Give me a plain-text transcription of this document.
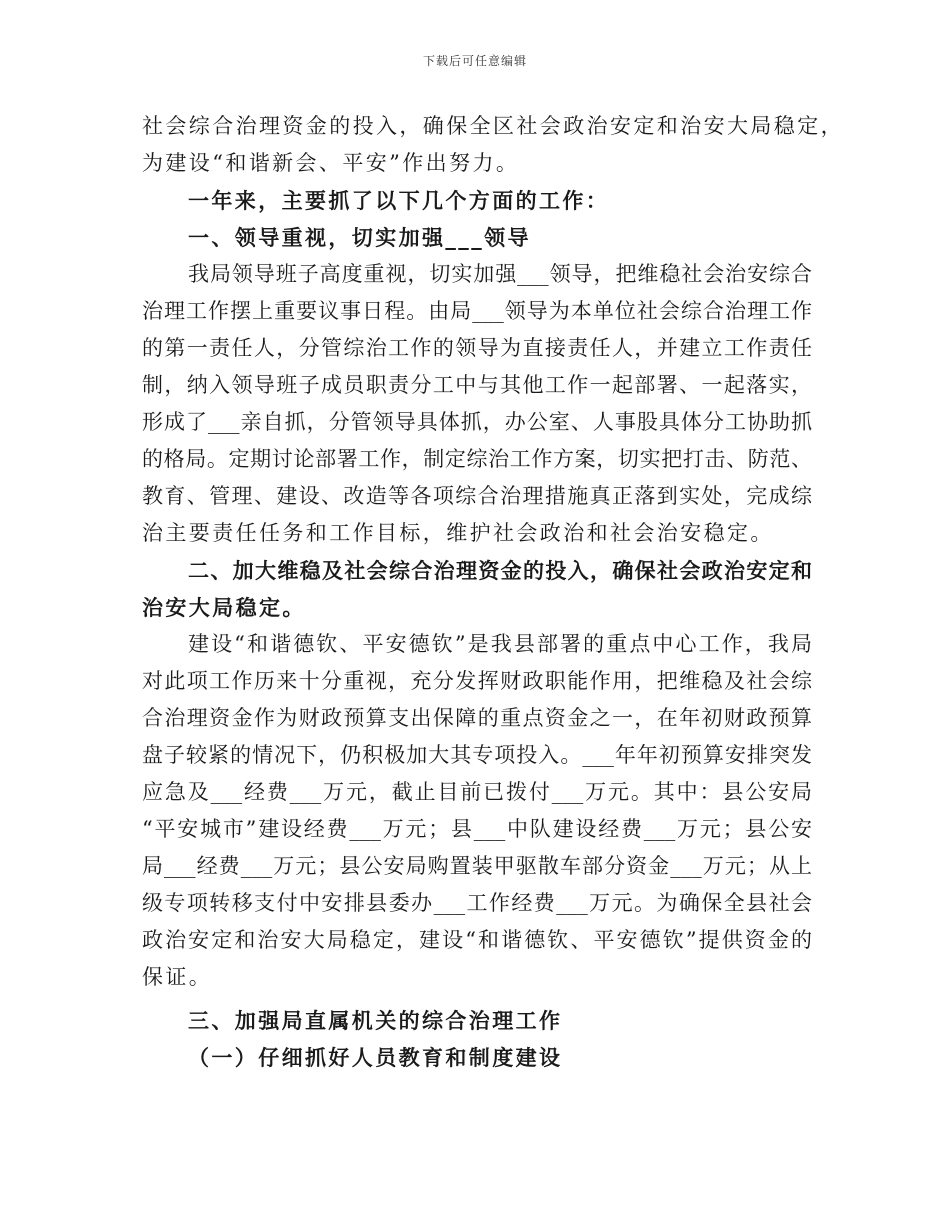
下载后可任意编辑
社会综合治理资金的投入，确保全区社会政治安定和治安大局稳定，
为建设“和谐新会、平安”作出努力。
一年来，主要抓了以下几个方面的工作：
一、领导重视，切实加强___领导
我局领导班子高度重视，切实加强___领导，把维稳社会治安综合
治理工作摆上重要议事日程。由局___领导为本单位社会综合治理工作
的第一责任人，分管综治工作的领导为直接责任人，并建立工作责任
制，纳入领导班子成员职责分工中与其他工作一起部署、一起落实，
形成了___亲自抓，分管领导具体抓，办公室、人事股具体分工协助抓
的格局。定期讨论部署工作，制定综治工作方案，切实把打击、防范、
教育、管理、建设、改造等各项综合治理措施真正落到实处，完成综
治主要责任任务和工作目标，维护社会政治和社会治安稳定。
二、加大维稳及社会综合治理资金的投入，确保社会政治安定和
治安大局稳定。
建设“和谐德钦、平安德钦”是我县部署的重点中心工作，我局
对此项工作历来十分重视，充分发挥财政职能作用，把维稳及社会综
合治理资金作为财政预算支出保障的重点资金之一，在年初财政预算
盘子较紧的情况下，仍积极加大其专项投入。___年年初预算安排突发
应急及___经费___万元，截止目前已拨付___万元。其中：县公安局
“平安城市”建设经费___万元；县___中队建设经费___万元；县公安
局___经费___万元；县公安局购置装甲驱散车部分资金___万元；从上
级专项转移支付中安排县委办___工作经费___万元。为确保全县社会
政治安定和治安大局稳定，建设“和谐德钦、平安德钦”提供资金的
保证。
三、加强局直属机关的综合治理工作
（一）仔细抓好人员教育和制度建设
